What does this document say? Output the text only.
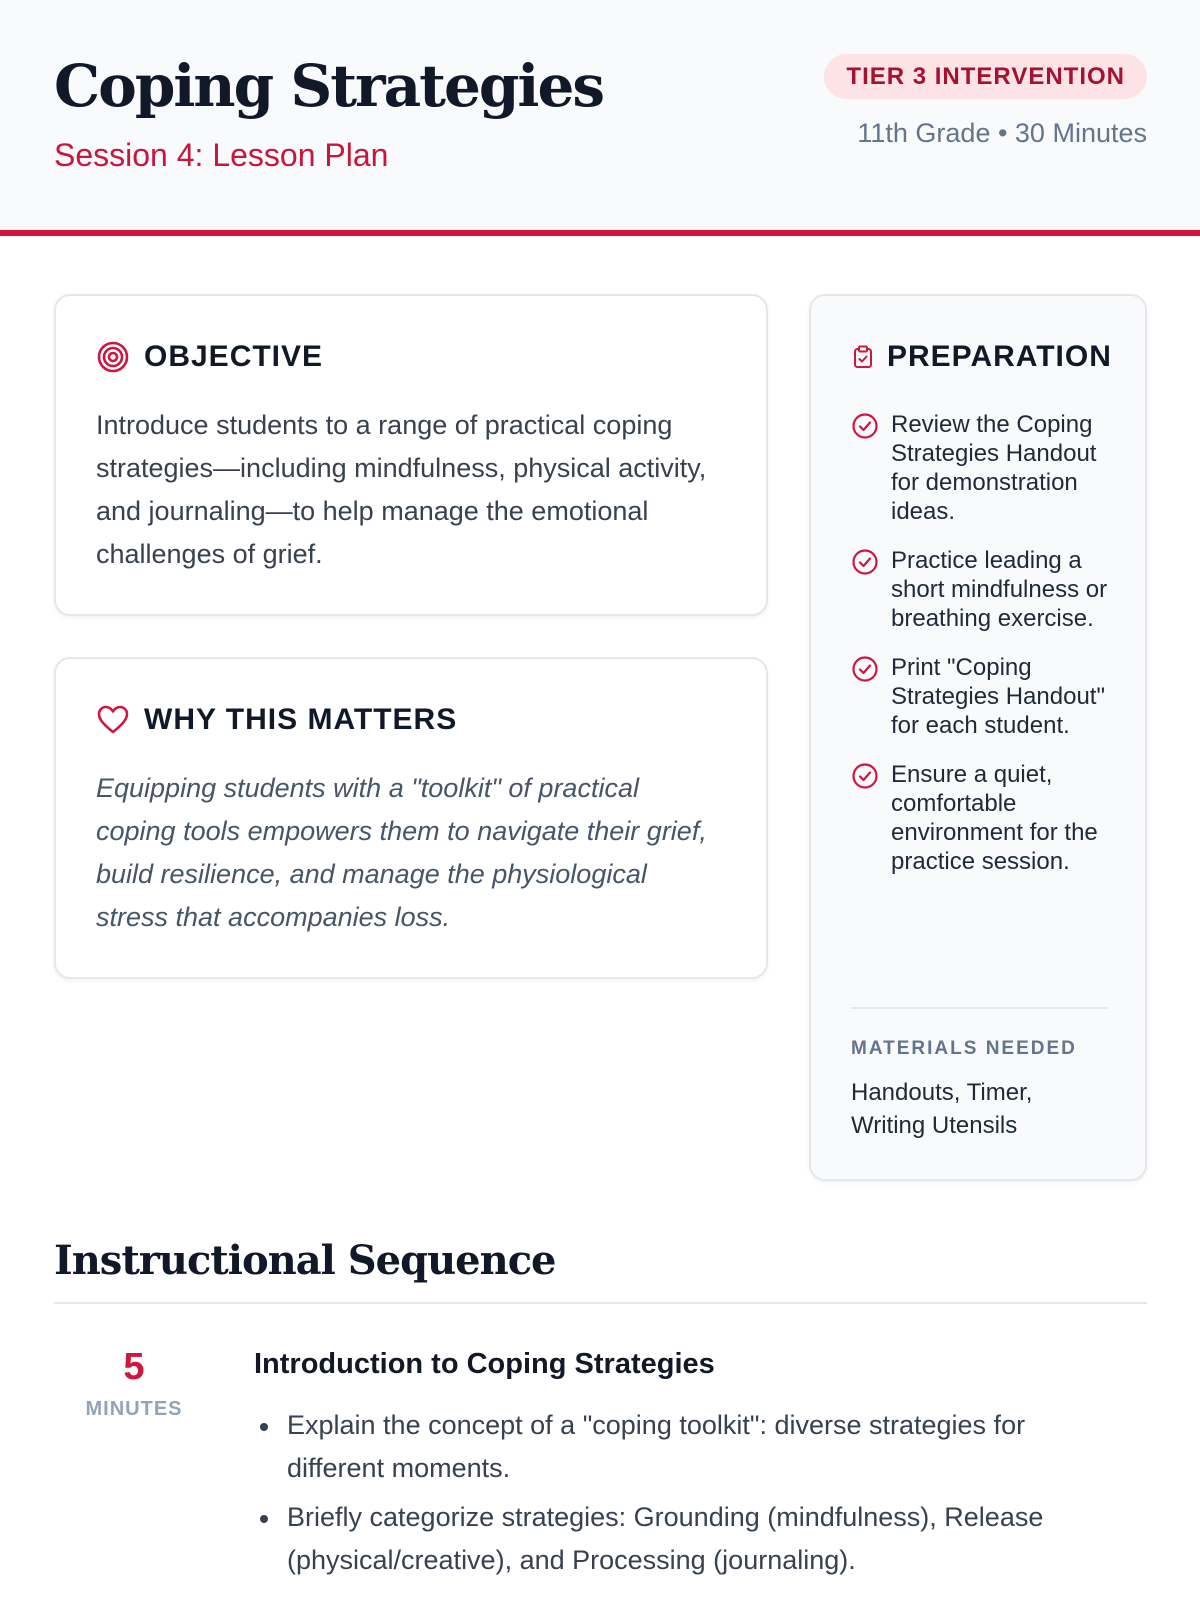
Coping Strategies
Session 4: Lesson Plan
TIER 3 INTERVENTION
11th Grade • 30 Minutes
OBJECTIVE

Introduce students to a range of practical coping strategies—including mindfulness, physical activity, and journaling—to help manage the emotional challenges of grief.

WHY THIS MATTERS

Equipping students with a "toolkit" of practical coping tools empowers them to navigate their grief, build resilience, and manage the physiological stress that accompanies loss.

PREPARATION
Review the Coping Strategies Handout for demonstration ideas.
Practice leading a short mindfulness or breathing exercise.
Print "Coping Strategies Handout" for each student.
Ensure a quiet, comfortable environment for the practice session.
MATERIALS NEEDED
Handouts, Timer, Writing Utensils
Instructional Sequence
5
MINUTES
Introduction to Coping Strategies
Explain the concept of a "coping toolkit": diverse strategies for different moments.
Briefly categorize strategies: Grounding (mindfulness), Release (physical/creative), and Processing (journaling).
